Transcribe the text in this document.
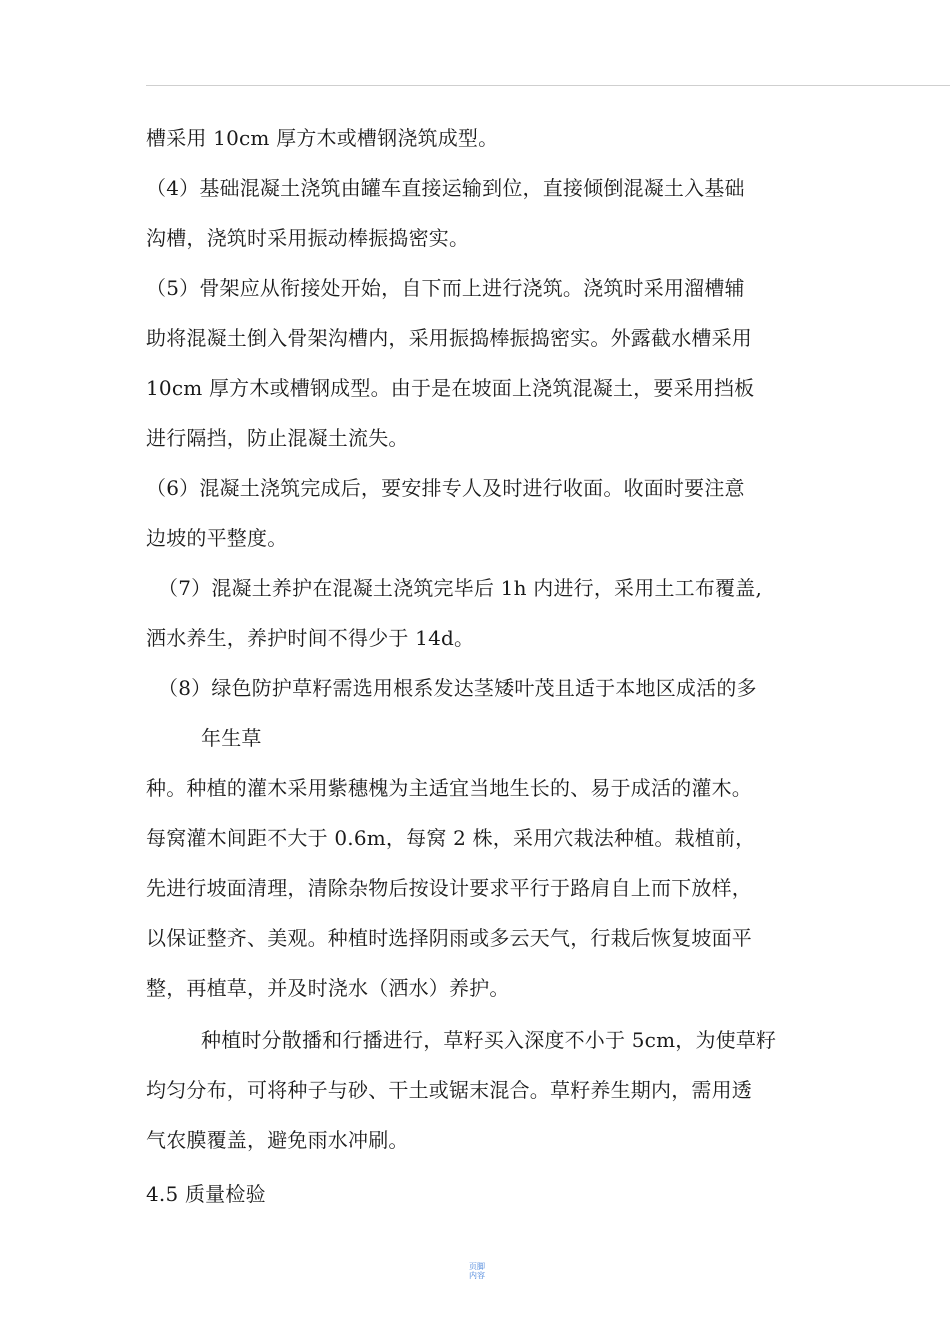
槽采用 10cm 厚方木或槽钢浇筑成型。
（4）基础混凝土浇筑由罐车直接运输到位，直接倾倒混凝土入基础
沟槽，浇筑时采用振动棒振捣密实。
（5）骨架应从衔接处开始，自下而上进行浇筑。浇筑时采用溜槽辅
助将混凝土倒入骨架沟槽内，采用振捣棒振捣密实。外露截水槽采用
10cm 厚方木或槽钢成型。由于是在坡面上浇筑混凝土，要采用挡板
进行隔挡，防止混凝土流失。
（6）混凝土浇筑完成后，要安排专人及时进行收面。收面时要注意
边坡的平整度。
（7）混凝土养护在混凝土浇筑完毕后 1h 内进行，采用土工布覆盖,
洒水养生，养护时间不得少于 14d。
（8）绿色防护草籽需选用根系发达茎矮叶茂且适于本地区成活的多
年生草
种。种植的灌木采用紫穗槐为主适宜当地生长的、易于成活的灌木。
每窝灌木间距不大于 0.6m，每窝 2 株，采用穴栽法种植。栽植前，
先进行坡面清理，清除杂物后按设计要求平行于路肩自上而下放样，
以保证整齐、美观。种植时选择阴雨或多云天气，行栽后恢复坡面平
整，再植草，并及时浇水（洒水）养护。
种植时分散播和行播进行，草籽买入深度不小于 5cm，为使草籽
均匀分布，可将种子与砂、干土或锯末混合。草籽养生期内，需用透
气农膜覆盖，避免雨水冲刷。
4.5 质量检验
页脚
内容
